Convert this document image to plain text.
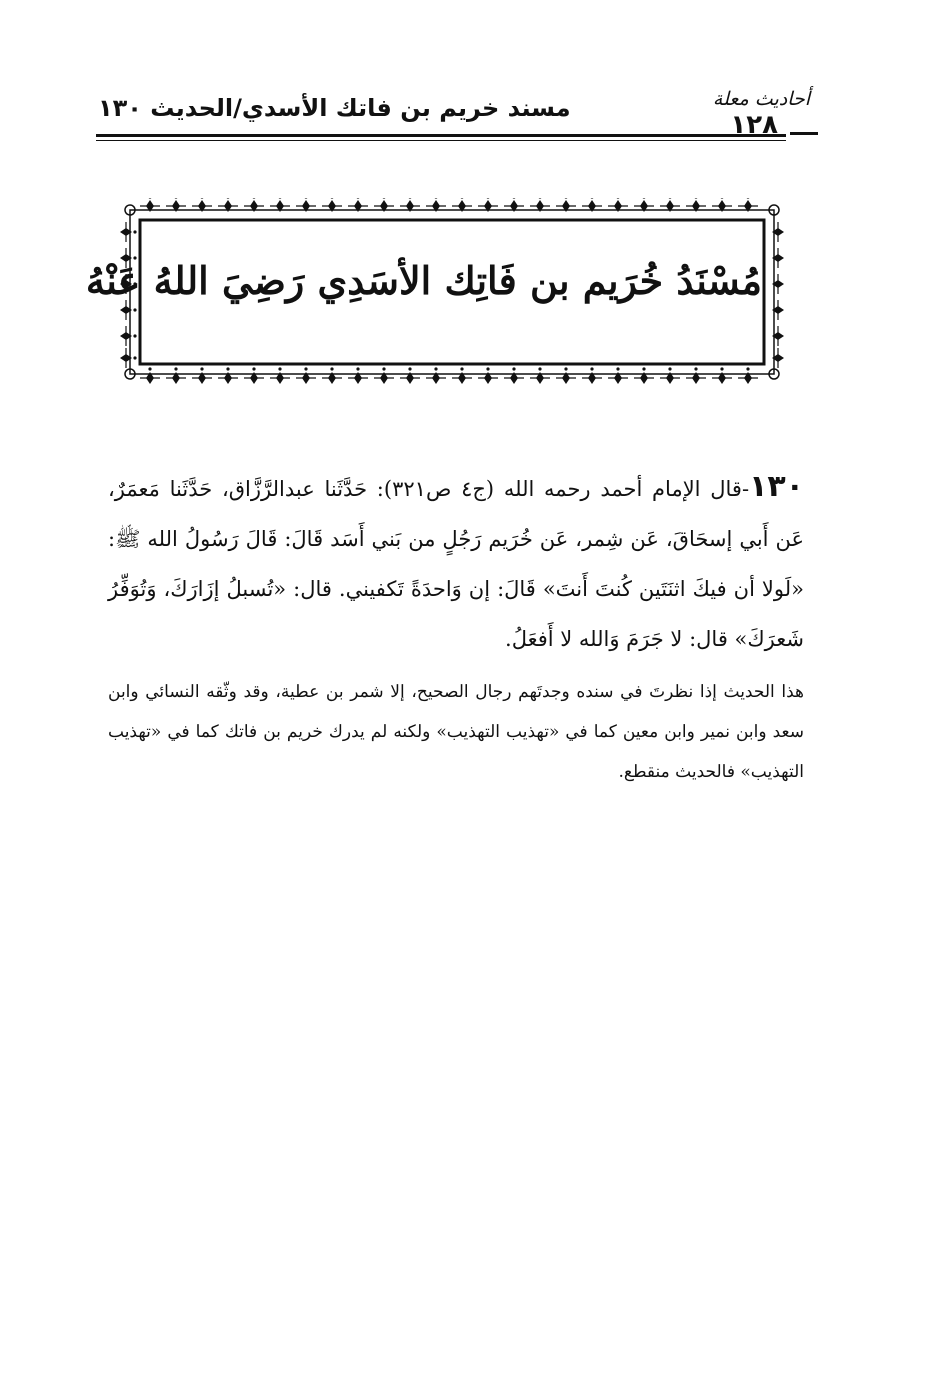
أحاديث معلة
١٢٨
مسند خريم بن فاتك الأسدي/الحديث ١٣٠
مُسْنَدُ خُرَيم بن فَاتِك الأسَدِي رَضِيَ اللهُ عَنْهُ
١٣٠-قال الإمام أحمد رحمه الله (ج٤ ص٣٢١): حَدَّثَنا عبدالرَّزَّاق، حَدَّثَنا مَعمَرٌ، عَن أَبي إسحَاقَ، عَن شِمر، عَن خُرَيم رَجُلٍ من بَني أَسَد قَالَ: قَالَ رَسُولُ الله ﷺ: «لَولا أن فيكَ اثنَتَين كُنتَ أَنتَ» قَالَ: إن وَاحدَةً تَكفيني. قال: «تُسبلُ إزَارَكَ، وَتُوَفِّرُ شَعرَكَ» قال: لا جَرَمَ وَالله لا أَفعَلُ.
هذا الحديث إذا نظرتَ في سنده وجدتَهم رجال الصحيح، إلا شمر بن عطية، وقد وثّقه النسائي وابن سعد وابن نمير وابن معين كما في «تهذيب التهذيب» ولكنه لم يدرك خريم بن فاتك كما في «تهذيب التهذيب» فالحديث منقطع.
